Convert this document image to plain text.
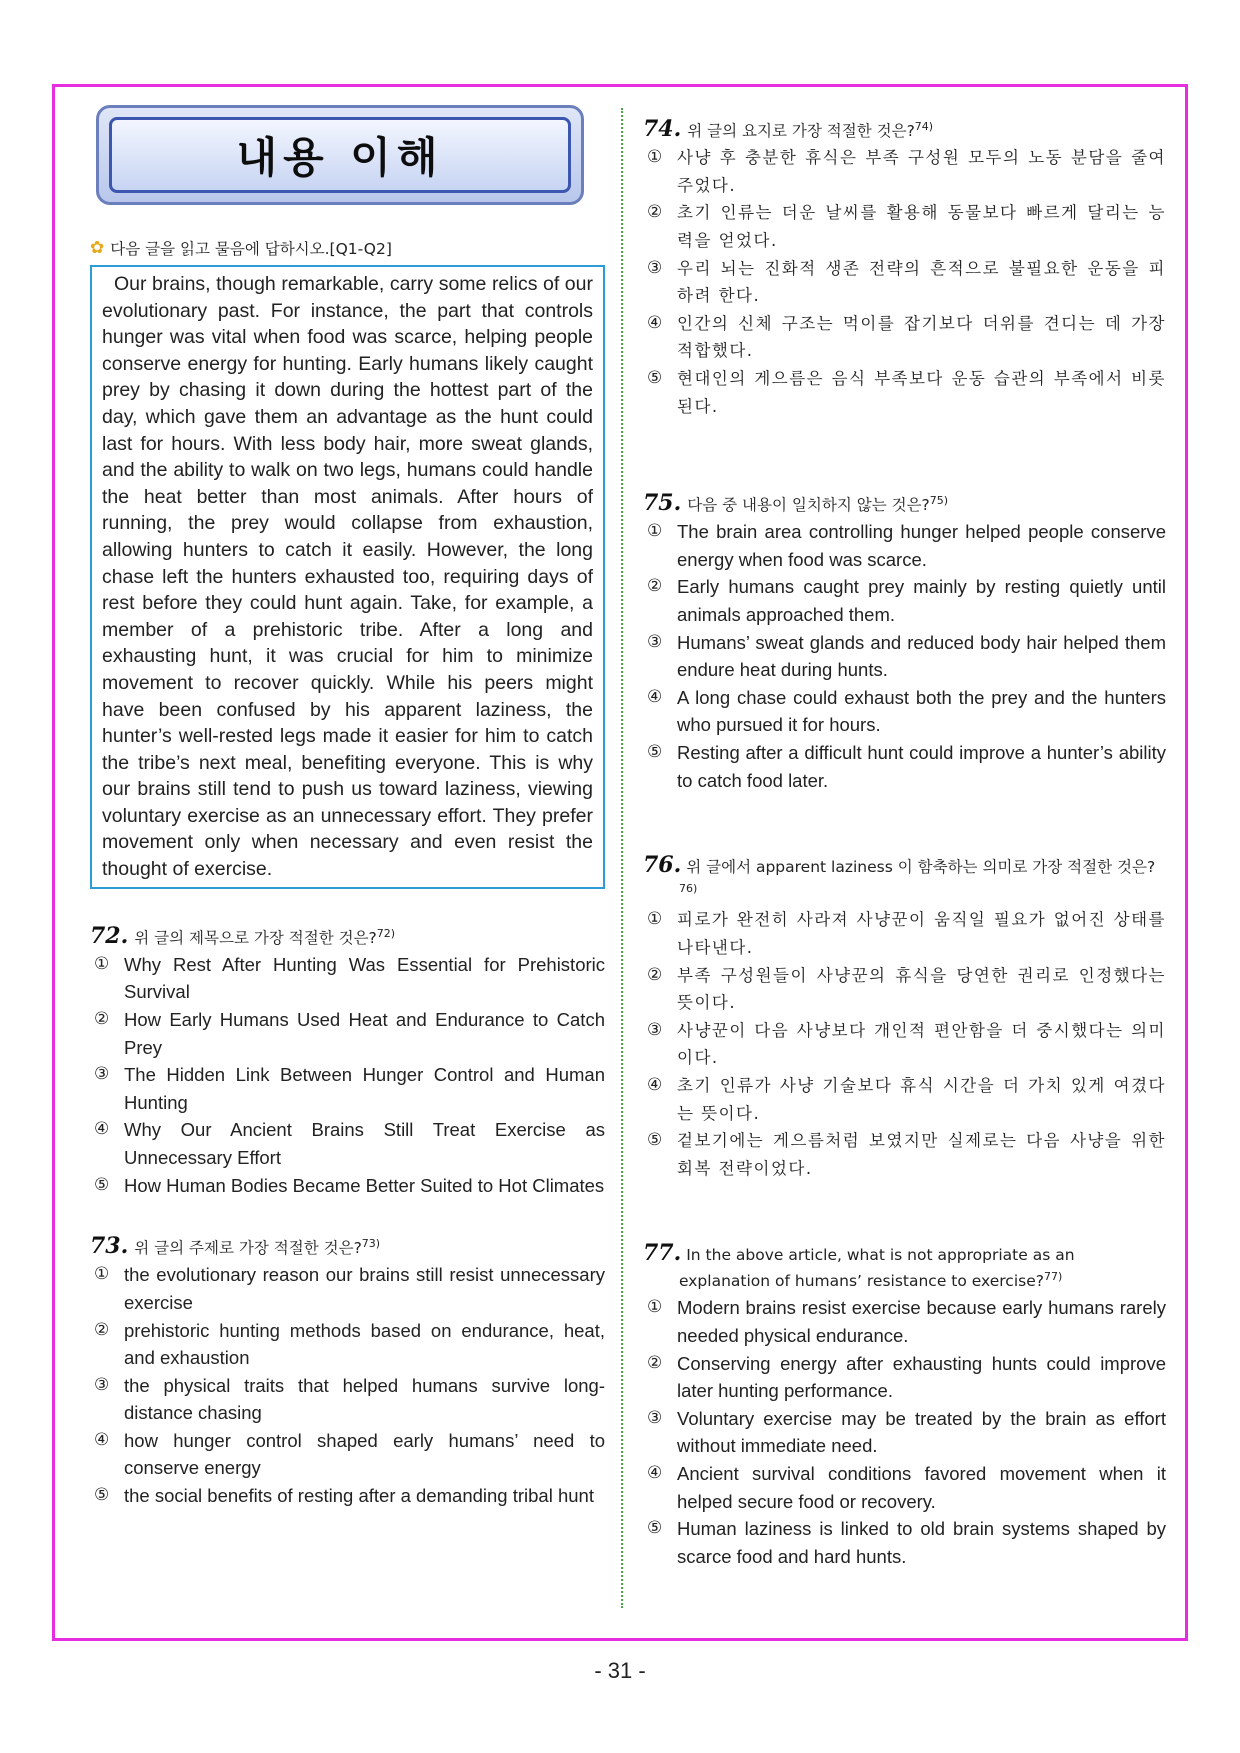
내용 이해
✿ 다음 글을 읽고 물음에 답하시오.[Q1-Q2]
Our brains, though remarkable, carry some relics of our evolutionary past. For instance, the part that controls hunger was vital when food was scarce, helping people conserve energy for hunting. Early humans likely caught prey by chasing it down during the hottest part of the day, which gave them an advantage as the hunt could last for hours. With less body hair, more sweat glands, and the ability to walk on two legs, humans could handle the heat better than most animals. After hours of running, the prey would collapse from exhaustion, allowing hunters to catch it easily. However, the long chase left the hunters exhausted too, requiring days of rest before they could hunt again. Take, for example, a member of a prehistoric tribe. After a long and exhausting hunt, it was crucial for him to minimize movement to recover quickly. While his peers might have been confused by his apparent laziness, the hunter’s well-rested legs made it easier for him to catch the tribe’s next meal, benefiting everyone. This is why our brains still tend to push us toward laziness, viewing voluntary exercise as an unnecessary effort. They prefer movement only when necessary and even resist the thought of exercise.
72. 위 글의 제목으로 가장 적절한 것은?$^{72)}$
① Why Rest After Hunting Was Essential for Prehistoric Survival
② How Early Humans Used Heat and Endurance to Catch Prey
③ The Hidden Link Between Hunger Control and Human Hunting
④ Why Our Ancient Brains Still Treat Exercise as Unnecessary Effort
⑤ How Human Bodies Became Better Suited to Hot Climates
73. 위 글의 주제로 가장 적절한 것은?$^{73)}$
① the evolutionary reason our brains still resist unnecessary exercise
② prehistoric hunting methods based on endurance, heat, and exhaustion
③ the physical traits that helped humans survive long-distance chasing
④ how hunger control shaped early humans’ need to conserve energy
⑤ the social benefits of resting after a demanding tribal hunt
74. 위 글의 요지로 가장 적절한 것은?$^{74)}$
① 사냥 후 충분한 휴식은 부족 구성원 모두의 노동 분담을 줄여 주었다.
② 초기 인류는 더운 날씨를 활용해 동물보다 빠르게 달리는 능력을 얻었다.
③ 우리 뇌는 진화적 생존 전략의 흔적으로 불필요한 운동을 피하려 한다.
④ 인간의 신체 구조는 먹이를 잡기보다 더위를 견디는 데 가장 적합했다.
⑤ 현대인의 게으름은 음식 부족보다 운동 습관의 부족에서 비롯된다.
75. 다음 중 내용이 일치하지 않는 것은?$^{75)}$
① The brain area controlling hunger helped people conserve energy when food was scarce.
② Early humans caught prey mainly by resting quietly until animals approached them.
③ Humans’ sweat glands and reduced body hair helped them endure heat during hunts.
④ A long chase could exhaust both the prey and the hunters who pursued it for hours.
⑤ Resting after a difficult hunt could improve a hunter’s ability to catch food later.
76. 위 글에서 apparent laziness 이 함축하는 의미로 가장 적절한 것은?$^{76)}$
① 피로가 완전히 사라져 사냥꾼이 움직일 필요가 없어진 상태를 나타낸다.
② 부족 구성원들이 사냥꾼의 휴식을 당연한 권리로 인정했다는 뜻이다.
③ 사냥꾼이 다음 사냥보다 개인적 편안함을 더 중시했다는 의미이다.
④ 초기 인류가 사냥 기술보다 휴식 시간을 더 가치 있게 여겼다는 뜻이다.
⑤ 겉보기에는 게으름처럼 보였지만 실제로는 다음 사냥을 위한 회복 전략이었다.
77. In the above article, what is not appropriate as an explanation of humans’ resistance to exercise?$^{77)}$
① Modern brains resist exercise because early humans rarely needed physical endurance.
② Conserving energy after exhausting hunts could improve later hunting performance.
③ Voluntary exercise may be treated by the brain as effort without immediate need.
④ Ancient survival conditions favored movement when it helped secure food or recovery.
⑤ Human laziness is linked to old brain systems shaped by scarce food and hard hunts.
- 31 -
